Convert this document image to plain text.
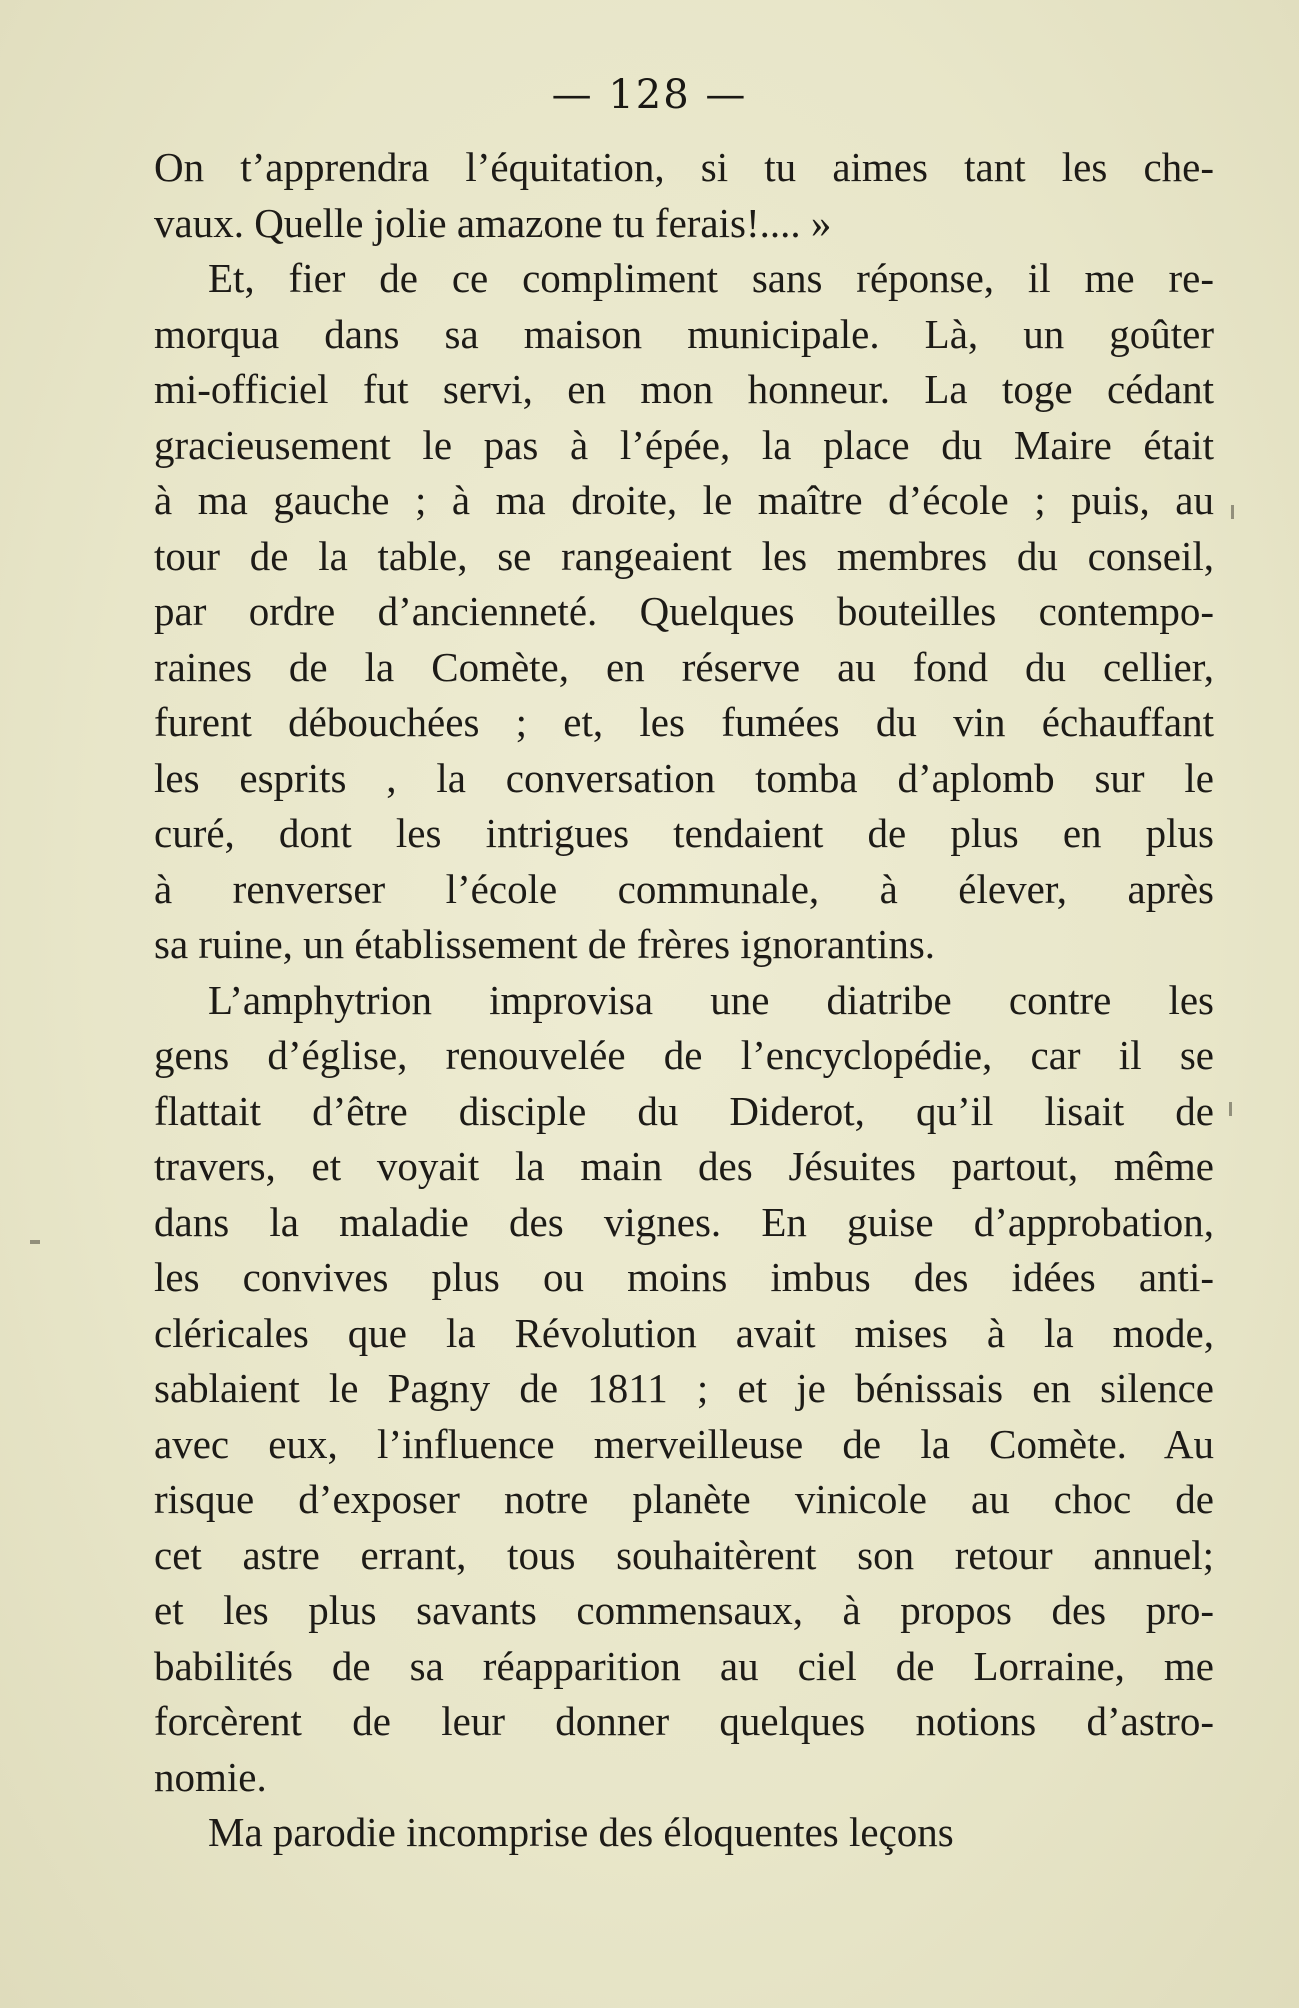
— 128 —
On t’apprendra l’équitation, si tu aimes tant les che-
vaux. Quelle jolie amazone tu ferais!.... »
Et, fier de ce compliment sans réponse, il me re-
morqua dans sa maison municipale. Là, un goûter
mi-officiel fut servi, en mon honneur. La toge cédant
gracieusement le pas à l’épée, la place du Maire était
à ma gauche ; à ma droite, le maître d’école ; puis, au
tour de la table, se rangeaient les membres du conseil,
par ordre d’ancienneté. Quelques bouteilles contempo-
raines de la Comète, en réserve au fond du cellier,
furent débouchées ; et, les fumées du vin échauffant
les esprits , la conversation tomba d’aplomb sur le
curé, dont les intrigues tendaient de plus en plus
à renverser l’école communale, à élever, après
sa ruine, un établissement de frères ignorantins.
L’amphytrion improvisa une diatribe contre les
gens d’église, renouvelée de l’encyclopédie, car il se
flattait d’être disciple du Diderot, qu’il lisait de
travers, et voyait la main des Jésuites partout, même
dans la maladie des vignes. En guise d’approbation,
les convives plus ou moins imbus des idées anti-
cléricales que la Révolution avait mises à la mode,
sablaient le Pagny de 1811 ; et je bénissais en silence
avec eux, l’influence merveilleuse de la Comète. Au
risque d’exposer notre planète vinicole au choc de
cet astre errant, tous souhaitèrent son retour annuel;
et les plus savants commensaux, à propos des pro-
babilités de sa réapparition au ciel de Lorraine, me
forcèrent de leur donner quelques notions d’astro-
nomie.
Ma parodie incomprise des éloquentes leçons
